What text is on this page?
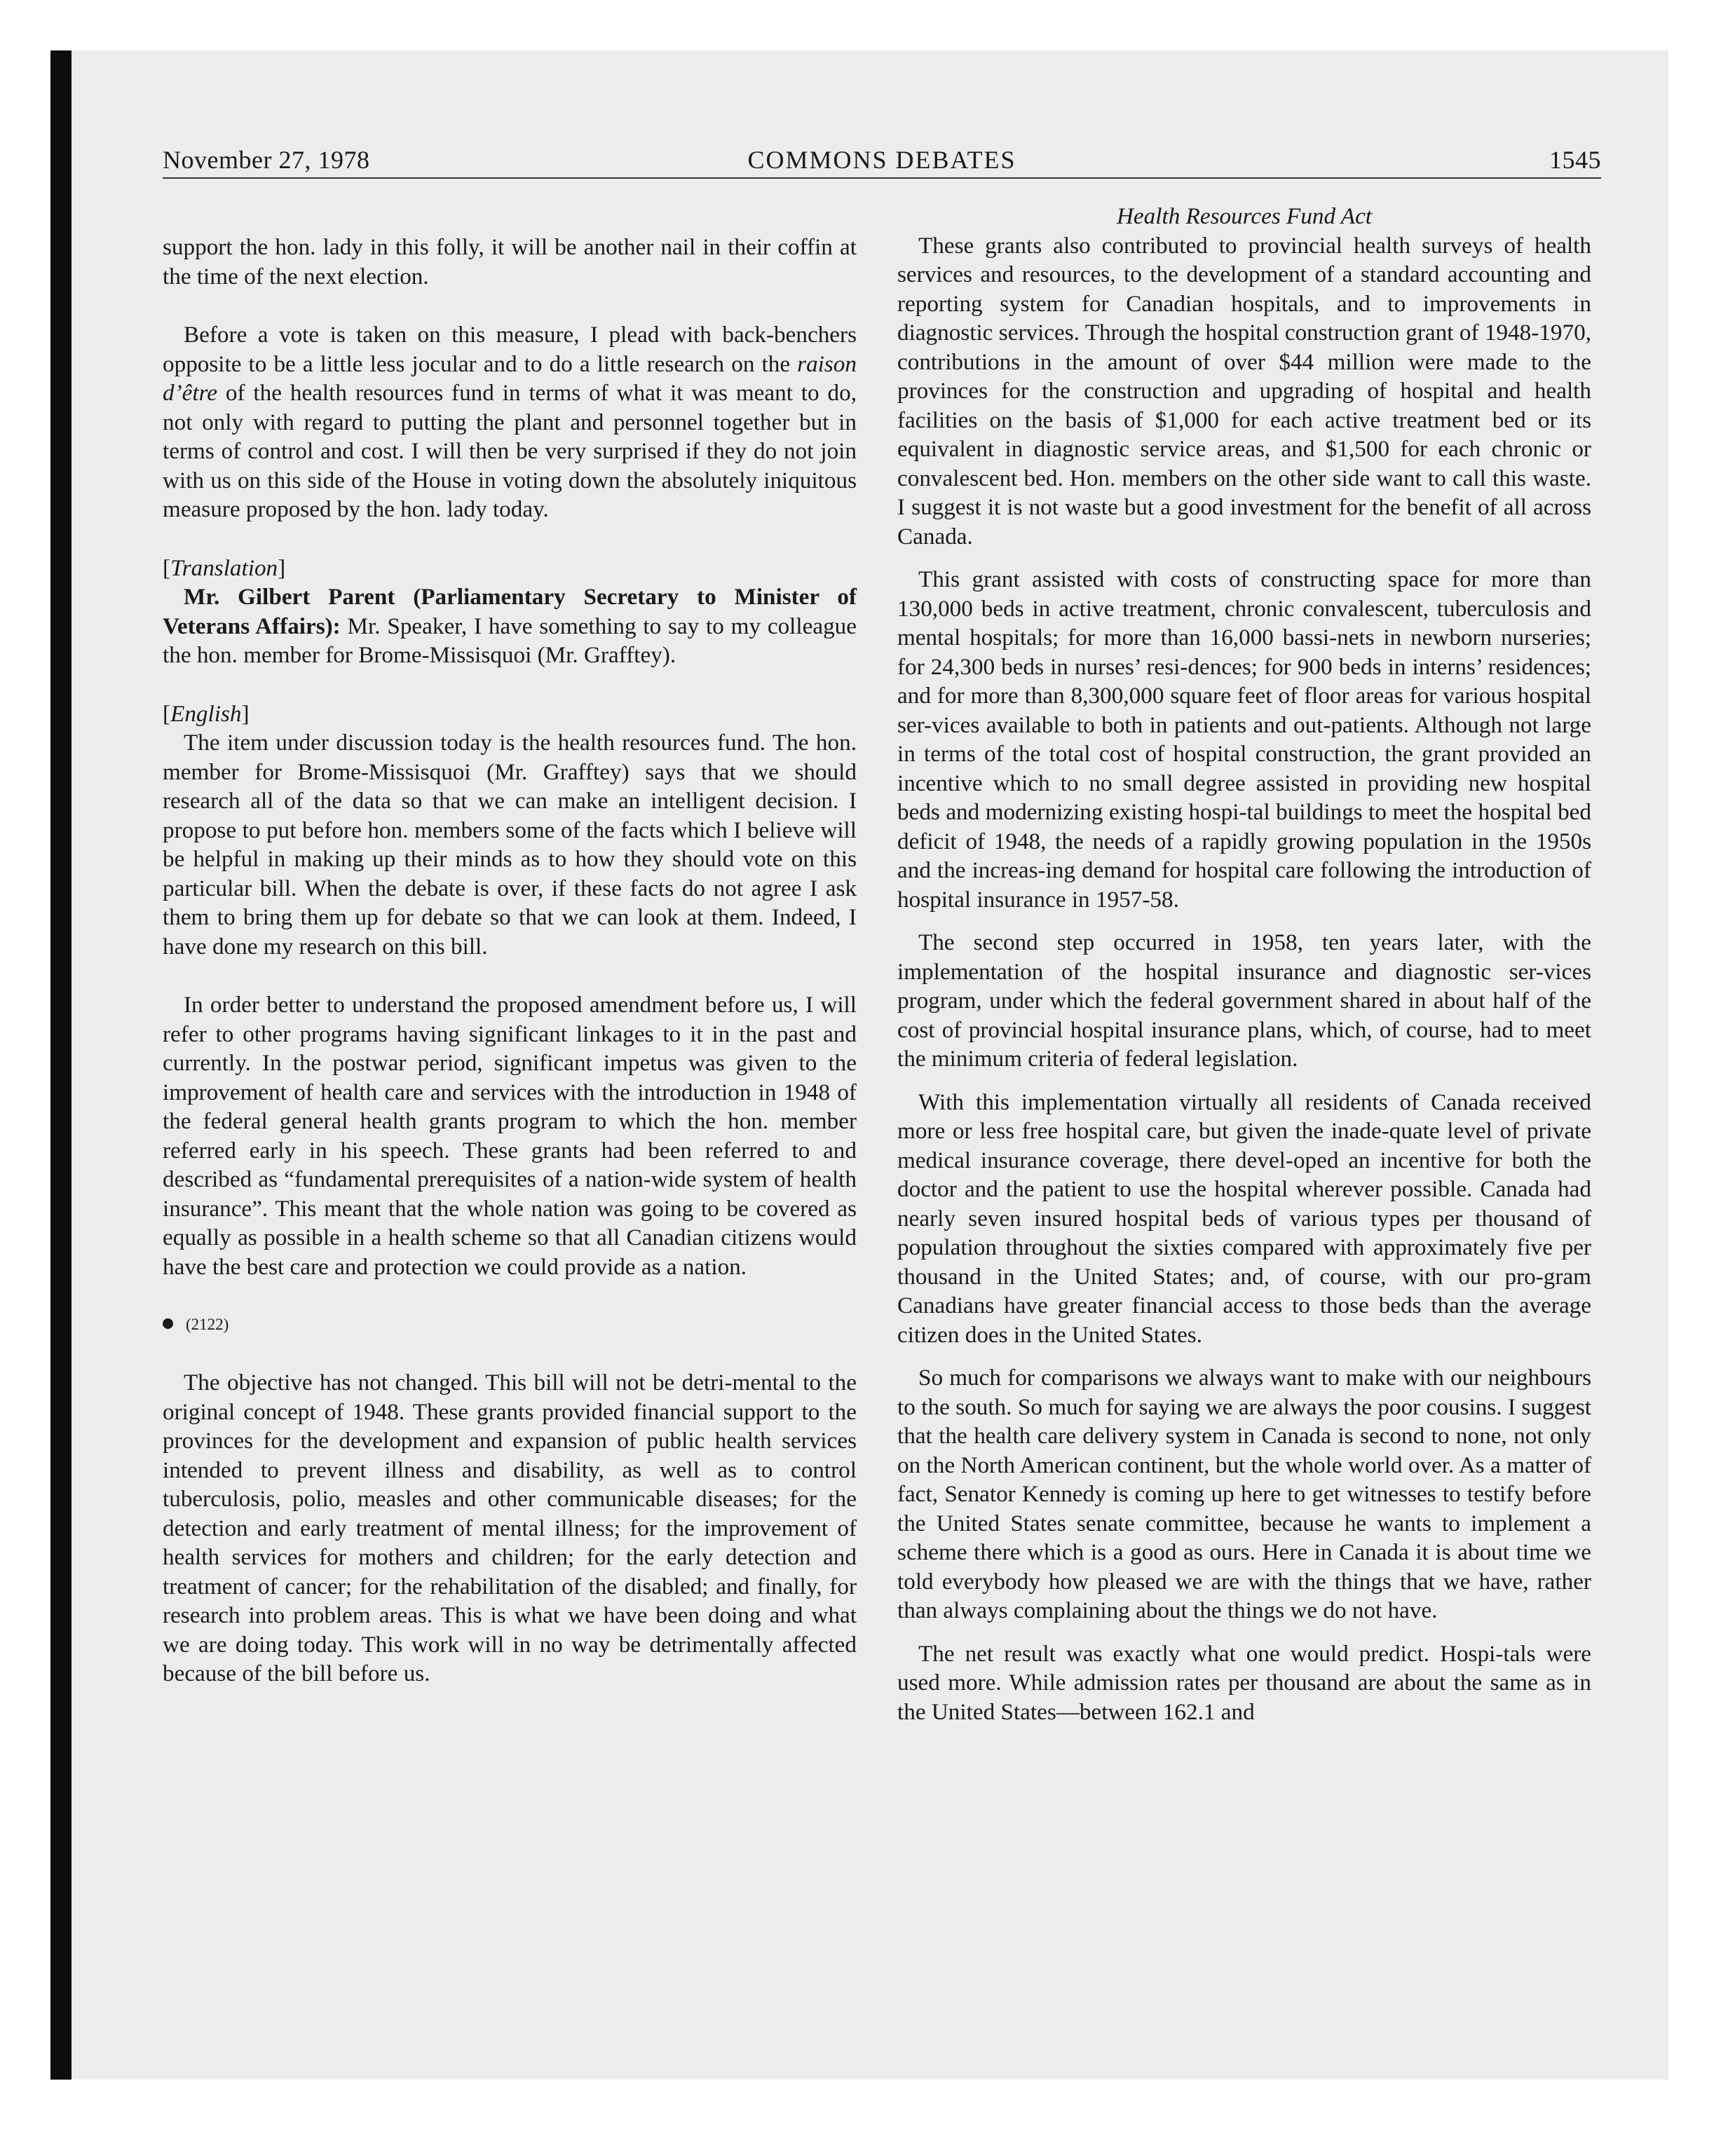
November 27, 1978	COMMONS DEBATES	1545

support the hon. lady in this folly, it will be another nail in their coffin at the time of the next election.

Before a vote is taken on this measure, I plead with back-benchers opposite to be a little less jocular and to do a little research on the raison d’être of the health resources fund in terms of what it was meant to do, not only with regard to putting the plant and personnel together but in terms of control and cost. I will then be very surprised if they do not join with us on this side of the House in voting down the absolutely iniquitous measure proposed by the hon. lady today.

[Translation]

Mr. Gilbert Parent (Parliamentary Secretary to Minister of Veterans Affairs): Mr. Speaker, I have something to say to my colleague the hon. member for Brome-Missisquoi (Mr. Grafftey).

[English]

The item under discussion today is the health resources fund. The hon. member for Brome-Missisquoi (Mr. Grafftey) says that we should research all of the data so that we can make an intelligent decision. I propose to put before hon. members some of the facts which I believe will be helpful in making up their minds as to how they should vote on this particular bill. When the debate is over, if these facts do not agree I ask them to bring them up for debate so that we can look at them. Indeed, I have done my research on this bill.

In order better to understand the proposed amendment before us, I will refer to other programs having significant linkages to it in the past and currently. In the postwar period, significant impetus was given to the improvement of health care and services with the introduction in 1948 of the federal general health grants program to which the hon. member referred early in his speech. These grants had been referred to and described as “fundamental prerequisites of a nation-wide system of health insurance”. This meant that the whole nation was going to be covered as equally as possible in a health scheme so that all Canadian citizens would have the best care and protection we could provide as a nation.

(2122)

The objective has not changed. This bill will not be detri-mental to the original concept of 1948. These grants provided financial support to the provinces for the development and expansion of public health services intended to prevent illness and disability, as well as to control tuberculosis, polio, measles and other communicable diseases; for the detection and early treatment of mental illness; for the improvement of health services for mothers and children; for the early detection and treatment of cancer; for the rehabilitation of the disabled; and finally, for research into problem areas. This is what we have been doing and what we are doing today. This work will in no way be detrimentally affected because of the bill before us.

Health Resources Fund Act

These grants also contributed to provincial health surveys of health services and resources, to the development of a standard accounting and reporting system for Canadian hospitals, and to improvements in diagnostic services. Through the hospital construction grant of 1948-1970, contributions in the amount of over $44 million were made to the provinces for the construction and upgrading of hospital and health facilities on the basis of $1,000 for each active treatment bed or its equivalent in diagnostic service areas, and $1,500 for each chronic or convalescent bed. Hon. members on the other side want to call this waste. I suggest it is not waste but a good investment for the benefit of all across Canada.

This grant assisted with costs of constructing space for more than 130,000 beds in active treatment, chronic convalescent, tuberculosis and mental hospitals; for more than 16,000 bassi-nets in newborn nurseries; for 24,300 beds in nurses’ resi-dences; for 900 beds in interns’ residences; and for more than 8,300,000 square feet of floor areas for various hospital ser-vices available to both in patients and out-patients. Although not large in terms of the total cost of hospital construction, the grant provided an incentive which to no small degree assisted in providing new hospital beds and modernizing existing hospi-tal buildings to meet the hospital bed deficit of 1948, the needs of a rapidly growing population in the 1950s and the increas-ing demand for hospital care following the introduction of hospital insurance in 1957-58.

The second step occurred in 1958, ten years later, with the implementation of the hospital insurance and diagnostic ser-vices program, under which the federal government shared in about half of the cost of provincial hospital insurance plans, which, of course, had to meet the minimum criteria of federal legislation.

With this implementation virtually all residents of Canada received more or less free hospital care, but given the inade-quate level of private medical insurance coverage, there devel-oped an incentive for both the doctor and the patient to use the hospital wherever possible. Canada had nearly seven insured hospital beds of various types per thousand of population throughout the sixties compared with approximately five per thousand in the United States; and, of course, with our pro-gram Canadians have greater financial access to those beds than the average citizen does in the United States.

So much for comparisons we always want to make with our neighbours to the south. So much for saying we are always the poor cousins. I suggest that the health care delivery system in Canada is second to none, not only on the North American continent, but the whole world over. As a matter of fact, Senator Kennedy is coming up here to get witnesses to testify before the United States senate committee, because he wants to implement a scheme there which is a good as ours. Here in Canada it is about time we told everybody how pleased we are with the things that we have, rather than always complaining about the things we do not have.

The net result was exactly what one would predict. Hospi-tals were used more. While admission rates per thousand are about the same as in the United States—between 162.1 and
